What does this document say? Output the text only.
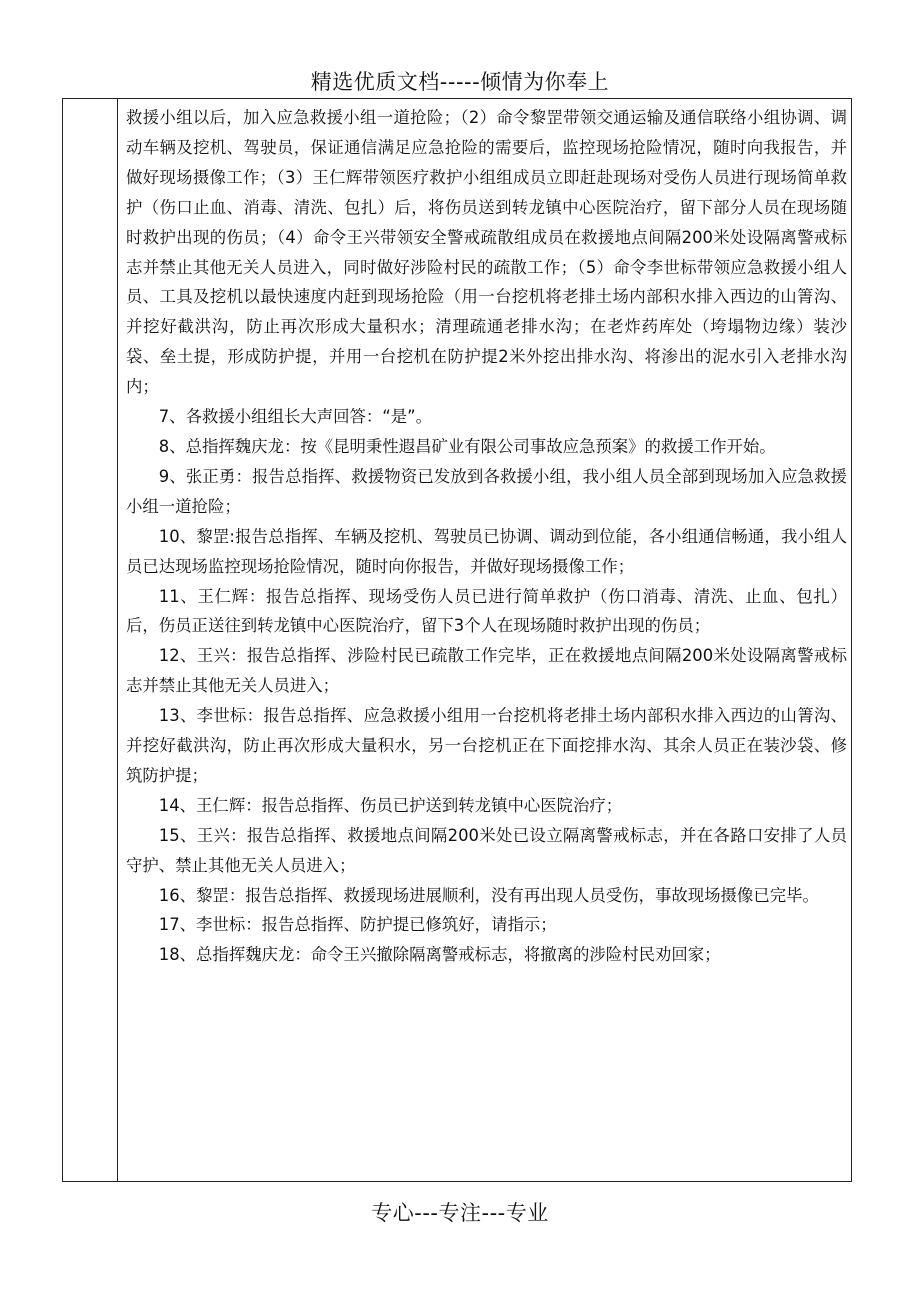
精选优质文档-----倾情为你奉上

救援小组以后，加入应急救援小组一道抢险；（2）命令黎罡带领交通运输及通信联络小组协调、调动车辆及挖机、驾驶员，保证通信满足应急抢险的需要后，监控现场抢险情况，随时向我报告，并做好现场摄像工作；（3）王仁辉带领医疗救护小组组成员立即赶赴现场对受伤人员进行现场简单救护（伤口止血、消毒、清洗、包扎）后，将伤员送到转龙镇中心医院治疗，留下部分人员在现场随时救护出现的伤员；（4）命令王兴带领安全警戒疏散组成员在救援地点间隔200米处设隔离警戒标志并禁止其他无关人员进入，同时做好涉险村民的疏散工作；（5）命令李世标带领应急救援小组人员、工具及挖机以最快速度内赶到现场抢险（用一台挖机将老排土场内部积水排入西边的山箐沟、并挖好截洪沟，防止再次形成大量积水；清理疏通老排水沟；在老炸药库处（垮塌物边缘）装沙袋、垒土提，形成防护提，并用一台挖机在防护提2米外挖出排水沟、将渗出的泥水引入老排水沟内；

7、各救援小组组长大声回答：“是”。

8、总指挥魏庆龙：按《昆明秉性遐昌矿业有限公司事故应急预案》的救援工作开始。

9、张正勇：报告总指挥、救援物资已发放到各救援小组，我小组人员全部到现场加入应急救援小组一道抢险；

10、黎罡:报告总指挥、车辆及挖机、驾驶员已协调、调动到位能，各小组通信畅通，我小组人员已达现场监控现场抢险情况，随时向你报告，并做好现场摄像工作；

11、王仁辉：报告总指挥、现场受伤人员已进行简单救护（伤口消毒、清洗、止血、包扎）后，伤员正送往到转龙镇中心医院治疗，留下3个人在现场随时救护出现的伤员；

12、王兴：报告总指挥、涉险村民已疏散工作完毕，正在救援地点间隔200米处设隔离警戒标志并禁止其他无关人员进入；

13、李世标：报告总指挥、应急救援小组用一台挖机将老排土场内部积水排入西边的山箐沟、并挖好截洪沟，防止再次形成大量积水，另一台挖机正在下面挖排水沟、其余人员正在装沙袋、修筑防护提；

14、王仁辉：报告总指挥、伤员已护送到转龙镇中心医院治疗；

15、王兴：报告总指挥、救援地点间隔200米处已设立隔离警戒标志，并在各路口安排了人员守护、禁止其他无关人员进入；

16、黎罡：报告总指挥、救援现场进展顺利，没有再出现人员受伤，事故现场摄像已完毕。

17、李世标：报告总指挥、防护提已修筑好，请指示；

18、总指挥魏庆龙：命令王兴撤除隔离警戒标志，将撤离的涉险村民劝回家；

专心---专注---专业
